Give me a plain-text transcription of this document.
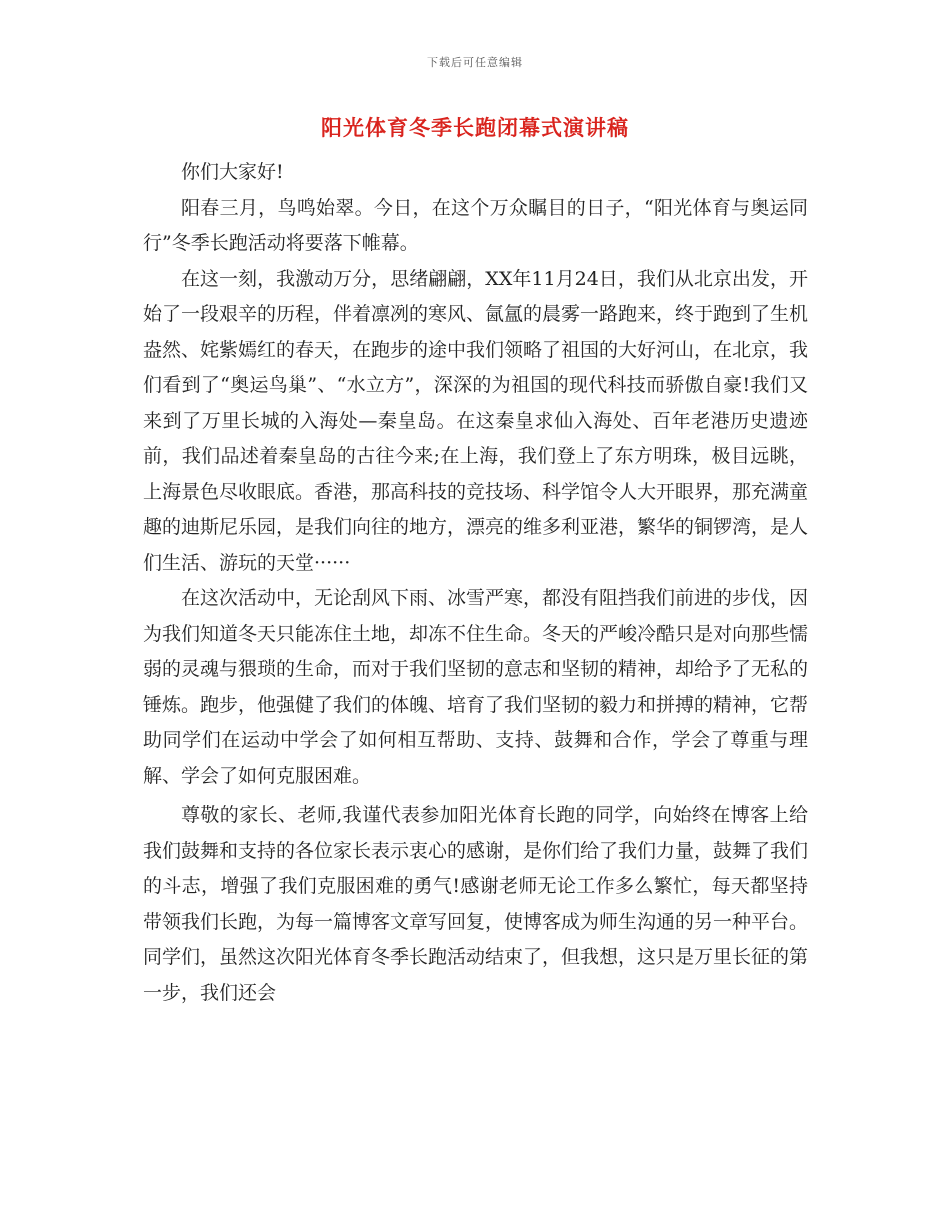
下载后可任意编辑
阳光体育冬季长跑闭幕式演讲稿

你们大家好!

阳春三月，鸟鸣始翠。今日，在这个万众瞩目的日子，“阳光体育与奥运同行”冬季长跑活动将要落下帷幕。

在这一刻，我激动万分，思绪翩翩，XX年11月24日，我们从北京出发，开始了一段艰辛的历程，伴着凛冽的寒风、氤氲的晨雾一路跑来，终于跑到了生机盎然、姹紫嫣红的春天，在跑步的途中我们领略了祖国的大好河山，在北京，我们看到了“奥运鸟巢”、“水立方”，深深的为祖国的现代科技而骄傲自豪!我们又来到了万里长城的入海处—秦皇岛。在这秦皇求仙入海处、百年老港历史遗迹前，我们品述着秦皇岛的古往今来;在上海，我们登上了东方明珠，极目远眺，上海景色尽收眼底。香港，那高科技的竞技场、科学馆令人大开眼界，那充满童趣的迪斯尼乐园，是我们向往的地方，漂亮的维多利亚港，繁华的铜锣湾，是人们生活、游玩的天堂······

在这次活动中，无论刮风下雨、冰雪严寒，都没有阻挡我们前进的步伐，因为我们知道冬天只能冻住土地，却冻不住生命。冬天的严峻冷酷只是对向那些懦弱的灵魂与猥琐的生命，而对于我们坚韧的意志和坚韧的精神，却给予了无私的锤炼。跑步，他强健了我们的体魄、培育了我们坚韧的毅力和拼搏的精神，它帮助同学们在运动中学会了如何相互帮助、支持、鼓舞和合作，学会了尊重与理解、学会了如何克服困难。

尊敬的家长、老师,我谨代表参加阳光体育长跑的同学，向始终在博客上给我们鼓舞和支持的各位家长表示衷心的感谢，是你们给了我们力量，鼓舞了我们的斗志，增强了我们克服困难的勇气!感谢老师无论工作多么繁忙，每天都坚持带领我们长跑，为每一篇博客文章写回复，使博客成为师生沟通的另一种平台。同学们，虽然这次阳光体育冬季长跑活动结束了，但我想，这只是万里长征的第一步，我们还会
